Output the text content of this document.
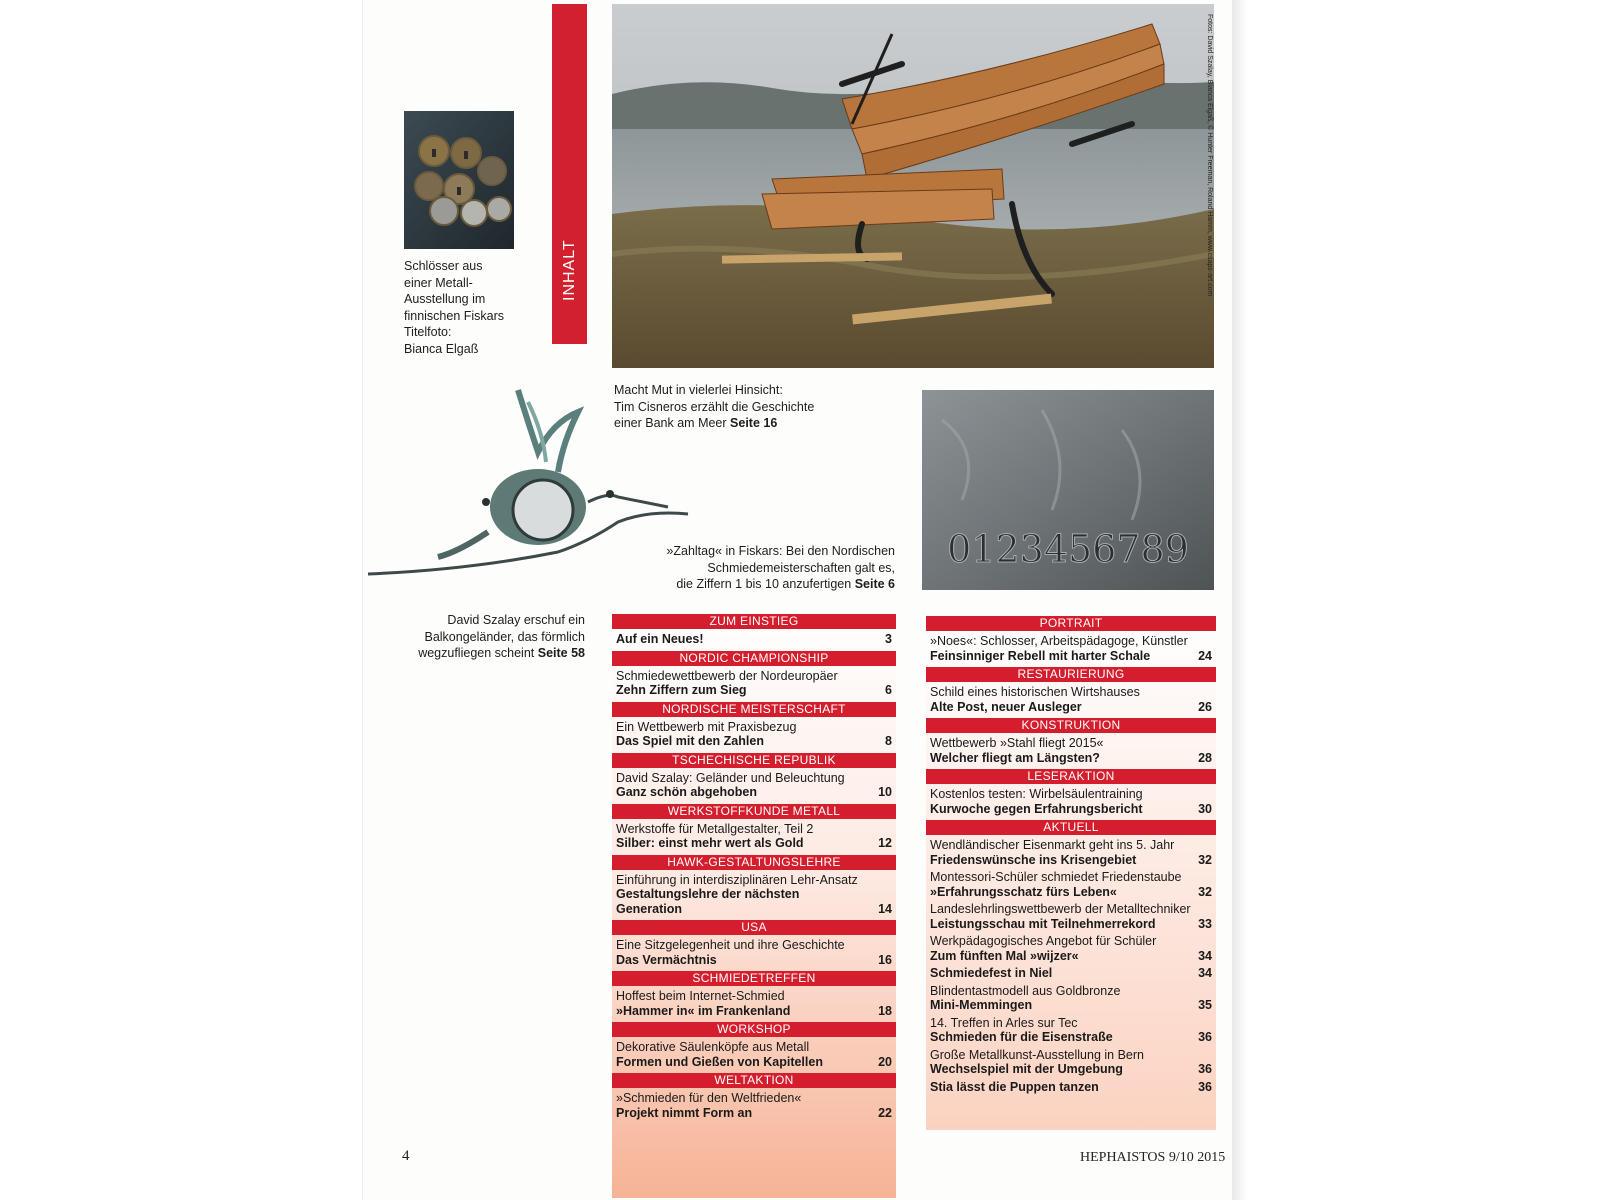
Schlösser aus
einer Metall-
Ausstellung im
finnischen Fiskars
Titelfoto:
Bianca Elgaß
INHALT	Fotos: David Szalay, Bianca Elgaß, © Hunter Freeman, Roland Hamm, www.csaps-art.com
Macht Mut in vielerlei Hinsicht:
Tim Cisneros erzählt die Geschichte
einer Bank am Meer Seite 16
0123456789
»Zahltag« in Fiskars: Bei den Nordischen
Schmiedemeisterschaften galt es,
die Ziffern 1 bis 10 anzufertigen Seite 6
David Szalay erschuf ein
Balkongeländer, das förmlich
wegzufliegen scheint Seite 58
ZUM EINSTIEG
Auf ein Neues!	3
NORDIC CHAMPIONSHIP
Schmiedewettbewerb der Nordeuropäer
Zehn Ziffern zum Sieg	6
NORDISCHE MEISTERSCHAFT
Ein Wettbewerb mit Praxisbezug
Das Spiel mit den Zahlen	8
TSCHECHISCHE REPUBLIK
David Szalay: Geländer und Beleuchtung
Ganz schön abgehoben	10
WERKSTOFFKUNDE METALL
Werkstoffe für Metallgestalter, Teil 2
Silber: einst mehr wert als Gold	12
HAWK-GESTALTUNGSLEHRE
Einführung in interdisziplinären Lehr-Ansatz
Gestaltungslehre der nächsten Generation	14
USA
Eine Sitzgelegenheit und ihre Geschichte
Das Vermächtnis	16
SCHMIEDETREFFEN
Hoffest beim Internet-Schmied
»Hammer in« im Frankenland	18
WORKSHOP
Dekorative Säulenköpfe aus Metall
Formen und Gießen von Kapitellen	20
WELTAKTION
»Schmieden für den Weltfrieden«
Projekt nimmt Form an	22
PORTRAIT
»Noes«: Schlosser, Arbeitspädagoge, Künstler
Feinsinniger Rebell mit harter Schale	24
RESTAURIERUNG
Schild eines historischen Wirtshauses
Alte Post, neuer Ausleger	26
KONSTRUKTION
Wettbewerb »Stahl fliegt 2015«
Welcher fliegt am Längsten?	28
LESERAKTION
Kostenlos testen: Wirbelsäulentraining
Kurwoche gegen Erfahrungsbericht	30
AKTUELL
Wendländischer Eisenmarkt geht ins 5. Jahr
Friedenswünsche ins Krisengebiet	32
Montessori-Schüler schmiedet Friedenstaube
»Erfahrungsschatz fürs Leben«	32
Landeslehrlingswettbewerb der Metalltechniker
Leistungsschau mit Teilnehmerrekord	33
Werkpädagogisches Angebot für Schüler
Zum fünften Mal »wijzer«	34
Schmiedefest in Niel	34
Blindentastmodell aus Goldbronze
Mini-Memmingen	35
14. Treffen in Arles sur Tec
Schmieden für die Eisenstraße	36
Große Metallkunst-Ausstellung in Bern
Wechselspiel mit der Umgebung	36
Stia lässt die Puppen tanzen	36
4	HEPHAISTOS 9/10 2015
